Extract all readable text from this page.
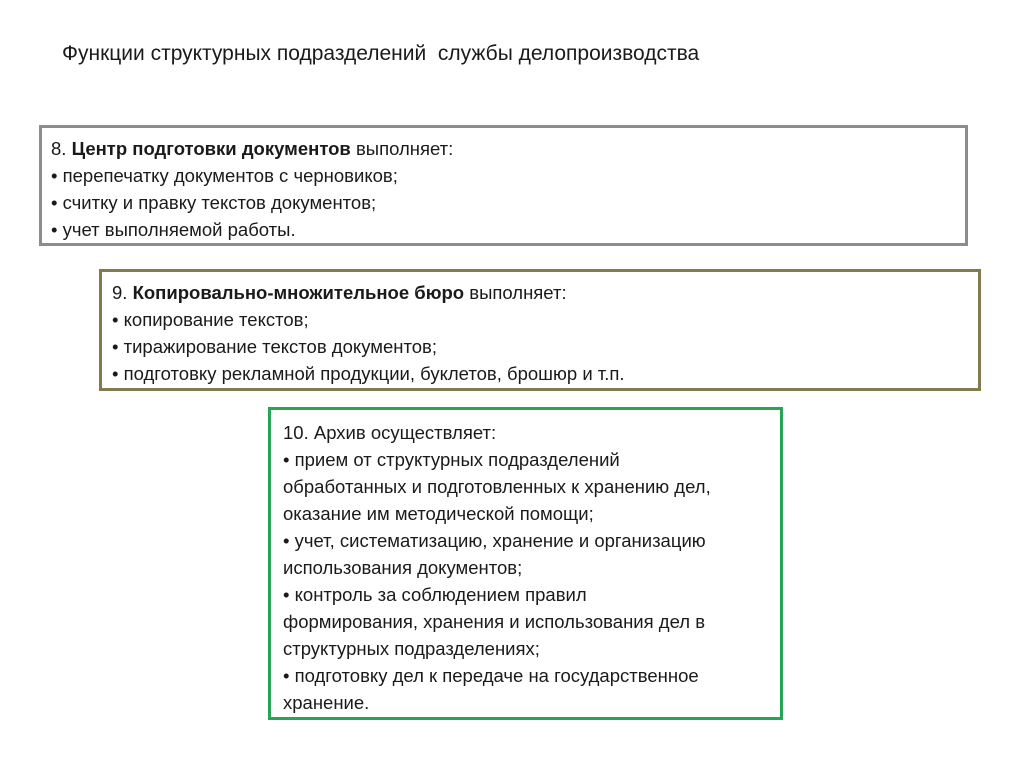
Функции структурных подразделений  службы делопроизводства
8. Центр подготовки документов выполняет:
• перепечатку документов с черновиков;
• считку и правку текстов документов;
• учет выполняемой работы.
9. Копировально-множительное бюро выполняет:
• копирование текстов;
• тиражирование текстов документов;
• подготовку рекламной продукции, буклетов, брошюр и т.п.
10. Архив осуществляет:
• прием от структурных подразделений
обработанных и подготовленных к хранению дел,
оказание им методической помощи;
• учет, систематизацию, хранение и организацию
использования документов;
• контроль за соблюдением правил
формирования, хранения и использования дел в
структурных подразделениях;
• подготовку дел к передаче на государственное
хранение.
